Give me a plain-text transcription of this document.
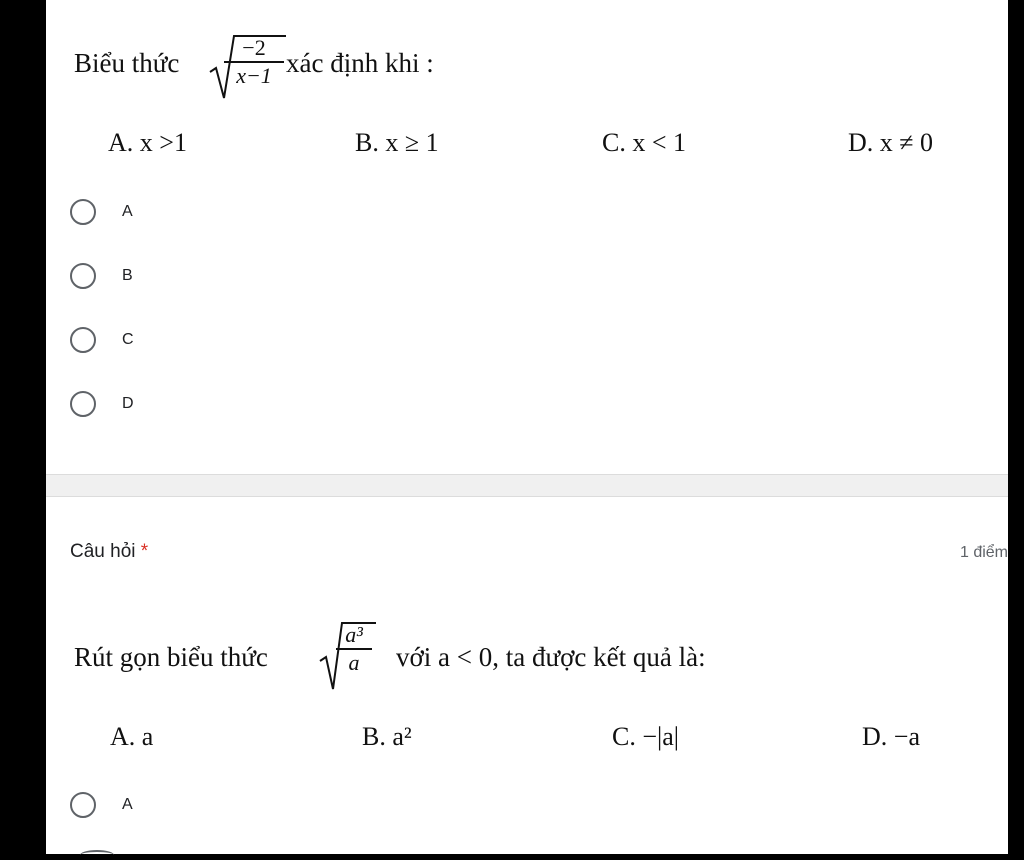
Biểu thức
−2
x−1 xác định khi :
A. x >1	B. x ≥ 1	C. x < 1	D. x ≠ 0
A
B
C
D
Câu hỏi *	1 điểm
Rút gọn biểu thức
a³
a	với a < 0, ta được kết quả là:
A. a	B. a²	C. −|a|	D. −a
A
